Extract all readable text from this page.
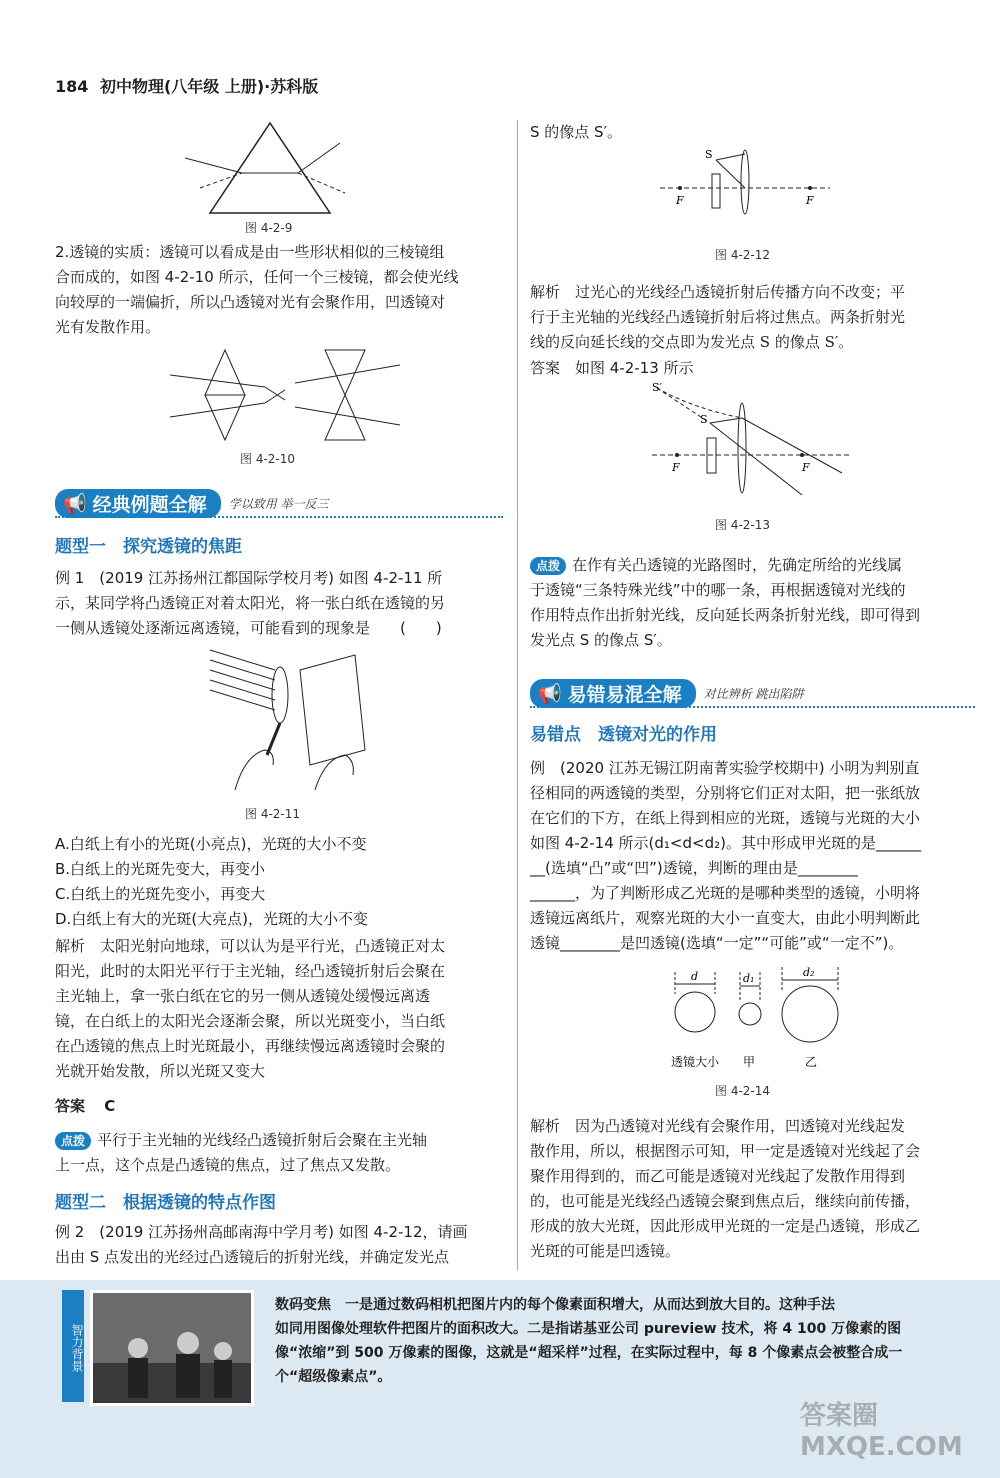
184 初中物理(八年级 上册)·苏科版
图 4-2-9
2.透镜的实质：透镜可以看成是由一些形状相似的三棱镜组
合而成的，如图 4-2-10 所示，任何一个三棱镜，都会使光线
向较厚的一端偏折，所以凸透镜对光有会聚作用，凹透镜对
光有发散作用。
图 4-2-10
📢 经典例题全解 学以致用 举一反三
题型一　探究透镜的焦距
例 1　(2019 江苏扬州江都国际学校月考) 如图 4-2-11 所
示，某同学将凸透镜正对着太阳光，将一张白纸在透镜的另
一侧从透镜处逐渐远离透镜，可能看到的现象是　　(　　)
图 4-2-11
A.白纸上有小的光斑(小亮点)，光斑的大小不变
B.白纸上的光斑先变大，再变小
C.白纸上的光斑先变小，再变大
D.白纸上有大的光斑(大亮点)，光斑的大小不变
解析　太阳光射向地球，可以认为是平行光，凸透镜正对太
阳光，此时的太阳光平行于主光轴，经凸透镜折射后会聚在
主光轴上，拿一张白纸在它的另一侧从透镜处缓慢远离透
镜，在白纸上的太阳光会逐渐会聚，所以光斑变小，当白纸
在凸透镜的焦点上时光斑最小，再继续慢远离透镜时会聚的
光就开始发散，所以光斑又变大
答案 C
点拨 平行于主光轴的光线经凸透镜折射后会聚在主光轴
上一点，这个点是凸透镜的焦点，过了焦点又发散。
题型二　根据透镜的特点作图
例 2　(2019 江苏扬州高邮南海中学月考) 如图 4-2-12，请画
出由 S 点发出的光经过凸透镜后的折射光线，并确定发光点
S 的像点 S′。
S
F	F
图 4-2-12
解析　过光心的光线经凸透镜折射后传播方向不改变；平
行于主光轴的光线经凸透镜折射后将过焦点。两条折射光
线的反向延长线的交点即为发光点 S 的像点 S′。
答案　如图 4-2-13 所示
S′
S
F	F
图 4-2-13
点拨 在作有关凸透镜的光路图时，先确定所给的光线属
于透镜“三条特殊光线”中的哪一条，再根据透镜对光线的
作用特点作出折射光线，反向延长两条折射光线，即可得到
发光点 S 的像点 S′。
📢 易错易混全解 对比辨析 跳出陷阱
易错点　透镜对光的作用
例　(2020 江苏无锡江阴南菁实验学校期中) 小明为判别直
径相同的两透镜的类型，分别将它们正对太阳，把一张纸放
在它们的下方，在纸上得到相应的光斑，透镜与光斑的大小
如图 4-2-14 所示(d₁<d<d₂)。其中形成甲光斑的是______
__(选填“凸”或“凹”)透镜，判断的理由是________
______，为了判断形成乙光斑的是哪种类型的透镜，小明将
透镜远离纸片，观察光斑的大小一直变大，由此小明判断此
透镜________是凹透镜(选填“一定”“可能”或“一定不”)。
d	d₁	d₂
透镜大小 甲	乙
图 4-2-14
解析　因为凸透镜对光线有会聚作用，凹透镜对光线起发
散作用，所以，根据图示可知，甲一定是透镜对光线起了会
聚作用得到的，而乙可能是透镜对光线起了发散作用得到
的，也可能是光线经凸透镜会聚到焦点后，继续向前传播，
形成的放大光斑，因此形成甲光斑的一定是凸透镜，形成乙
光斑的可能是凹透镜。
智力背景
数码变焦　一是通过数码相机把图片内的每个像素面积增大，从而达到放大目的。这种手法
如同用图像处理软件把图片的面积改大。二是指诺基亚公司 pureview 技术，将 4 100 万像素的图
像“浓缩”到 500 万像素的图像，这就是“超采样”过程，在实际过程中，每 8 个像素点会被整合成一
个“超级像素点”。
答案圈 MXQE.COM
